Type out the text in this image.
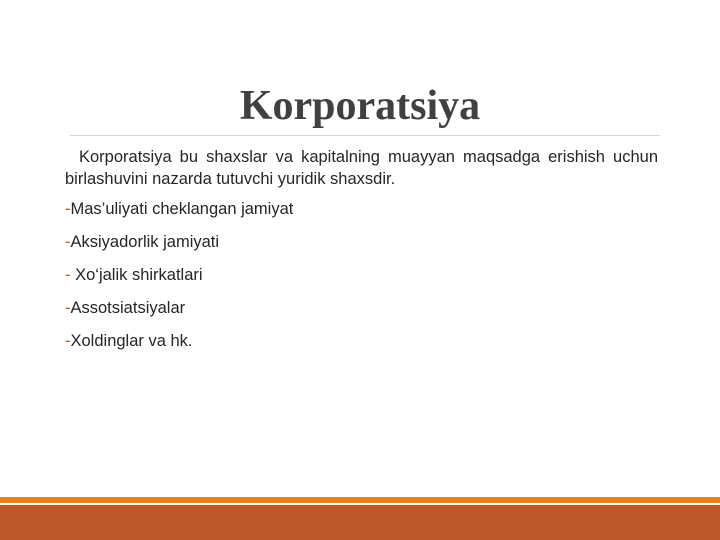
Korporatsiya

Korporatsiya bu shaxslar va kapitalning muayyan maqsadga erishish uchun birlashuvini nazarda tutuvchi yuridik shaxsdir.

-Mas’uliyati cheklangan jamiyat

-Aksiyadorlik jamiyati

- Xo‘jalik shirkatlari

-Assotsiatsiyalar

-Xoldinglar va hk.
